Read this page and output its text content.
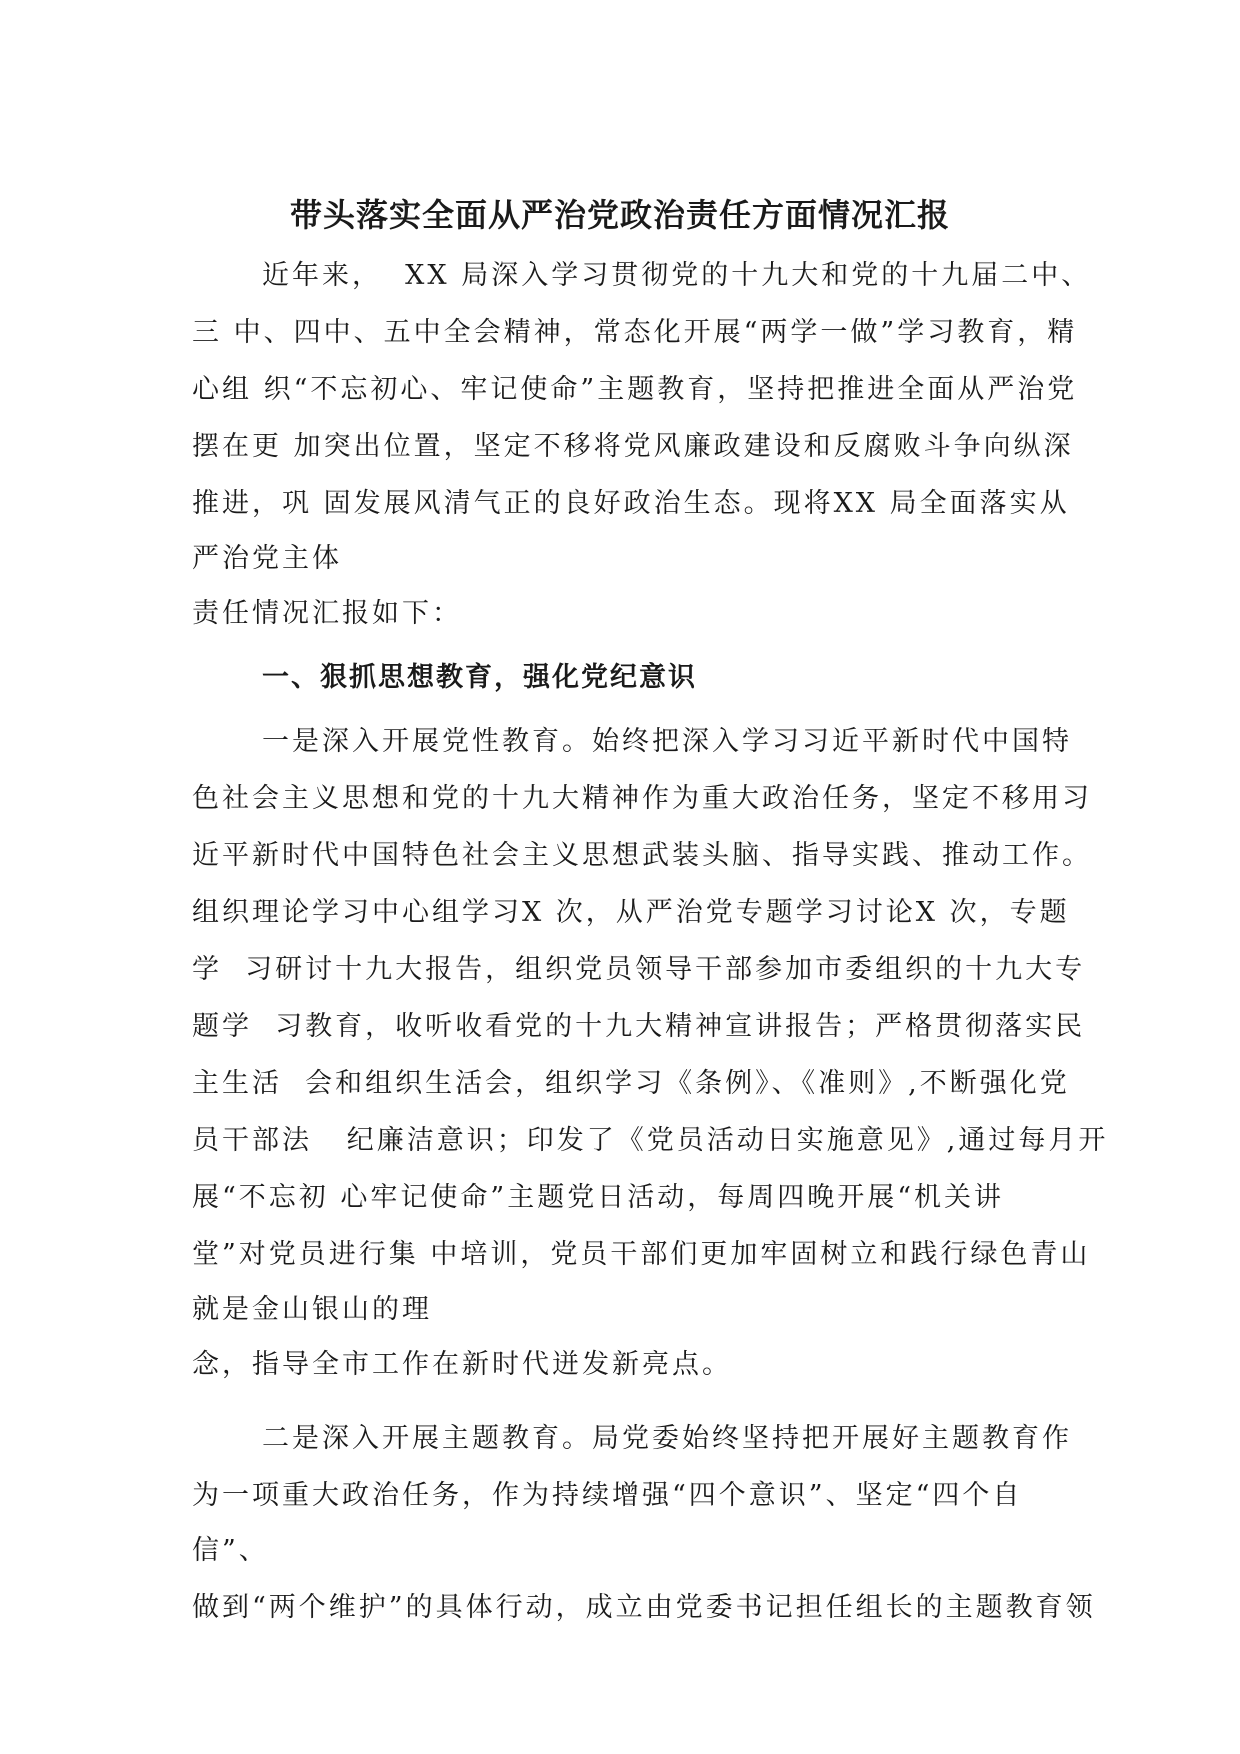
带头落实全面从严治党政治责任方面情况汇报
近年来，  XX 局深入学习贯彻党的十九大和党的十九届二中、
三 中、四中、五中全会精神，常态化开展“两学一做”学习教育，精
心组 织“不忘初心、牢记使命”主题教育，坚持把推进全面从严治党
摆在更 加突出位置，坚定不移将党风廉政建设和反腐败斗争向纵深
推进，巩 固发展风清气正的良好政治生态。现将XX 局全面落实从
严治党主体
责任情况汇报如下：
一、狠抓思想教育，强化党纪意识
一是深入开展党性教育。始终把深入学习习近平新时代中国特
色社会主义思想和党的十九大精神作为重大政治任务，坚定不移用习
近平新时代中国特色社会主义思想武装头脑、指导实践、推动工作。
组织理论学习中心组学习X 次，从严治党专题学习讨论X 次，专题
学  习研讨十九大报告，组织党员领导干部参加市委组织的十九大专
题学  习教育，收听收看党的十九大精神宣讲报告；严格贯彻落实民
主生活  会和组织生活会，组织学习《条例》、《准则》,不断强化党
员干部法   纪廉洁意识；印发了《党员活动日实施意见》,通过每月开
展“不忘初 心牢记使命”主题党日活动，每周四晚开展“机关讲
堂”对党员进行集 中培训，党员干部们更加牢固树立和践行绿色青山
就是金山银山的理
念，指导全市工作在新时代迸发新亮点。
二是深入开展主题教育。局党委始终坚持把开展好主题教育作
为一项重大政治任务，作为持续增强“四个意识”、坚定“四个自
信”、
做到“两个维护”的具体行动，成立由党委书记担任组长的主题教育领
